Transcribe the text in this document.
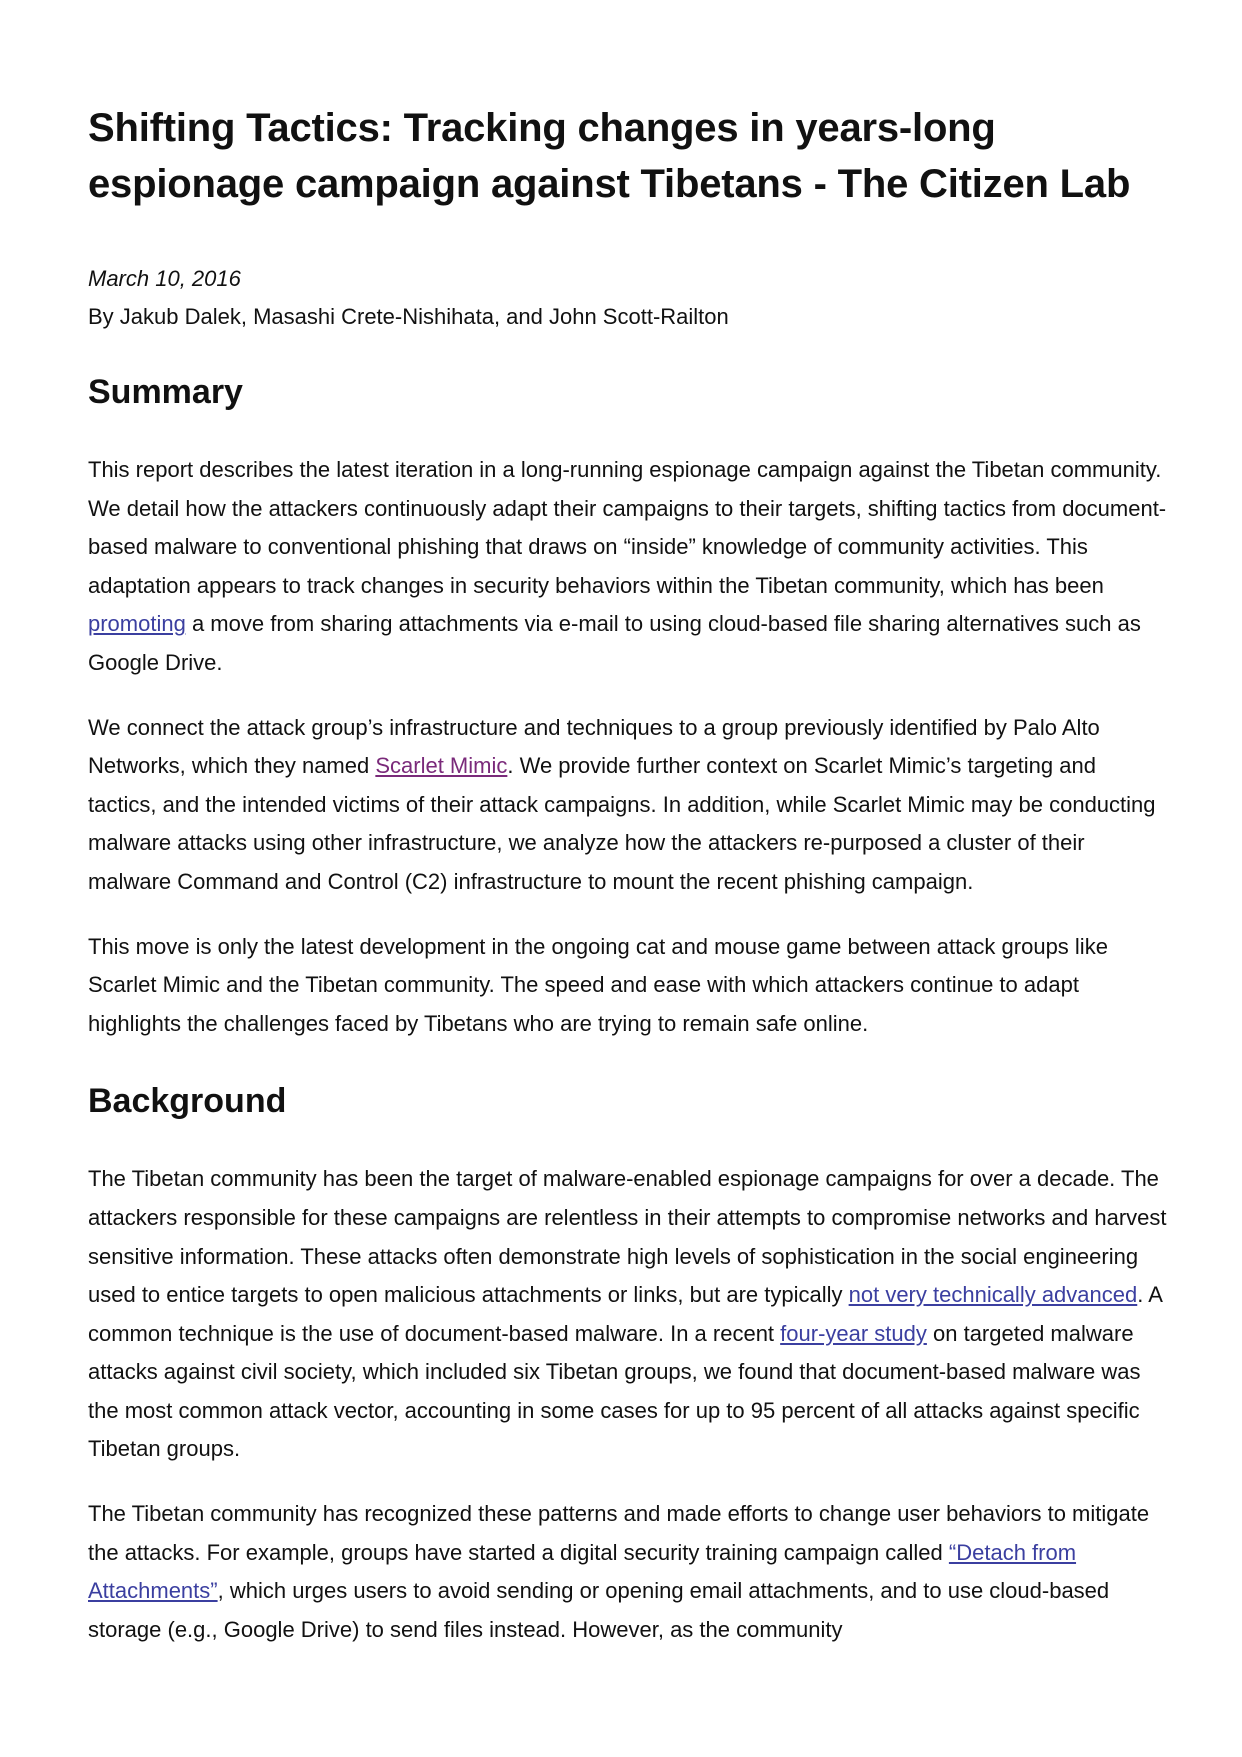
Shifting Tactics: Tracking changes in years-long espionage campaign against Tibetans - The Citizen Lab
March 10, 2016
By Jakub Dalek, Masashi Crete-Nishihata, and John Scott-Railton
Summary

This report describes the latest iteration in a long-running espionage campaign against the Tibetan community. We detail how the attackers continuously adapt their campaigns to their targets, shifting tactics from document-based malware to conventional phishing that draws on “inside” knowledge of community activities. This adaptation appears to track changes in security behaviors within the Tibetan community, which has been promoting a move from sharing attachments via e-mail to using cloud-based file sharing alternatives such as Google Drive.

We connect the attack group’s infrastructure and techniques to a group previously identified by Palo Alto Networks, which they named Scarlet Mimic. We provide further context on Scarlet Mimic’s targeting and tactics, and the intended victims of their attack campaigns. In addition, while Scarlet Mimic may be conducting malware attacks using other infrastructure, we analyze how the attackers re-purposed a cluster of their malware Command and Control (C2) infrastructure to mount the recent phishing campaign.

This move is only the latest development in the ongoing cat and mouse game between attack groups like Scarlet Mimic and the Tibetan community. The speed and ease with which attackers continue to adapt highlights the challenges faced by Tibetans who are trying to remain safe online.

Background

The Tibetan community has been the target of malware-enabled espionage campaigns for over a decade. The attackers responsible for these campaigns are relentless in their attempts to compromise networks and harvest sensitive information. These attacks often demonstrate high levels of sophistication in the social engineering used to entice targets to open malicious attachments or links, but are typically not very technically advanced. A common technique is the use of document-based malware. In a recent four-year study on targeted malware attacks against civil society, which included six Tibetan groups, we found that document-based malware was the most common attack vector, accounting in some cases for up to 95 percent of all attacks against specific Tibetan groups.

The Tibetan community has recognized these patterns and made efforts to change user behaviors to mitigate the attacks. For example, groups have started a digital security training campaign called “Detach from Attachments”, which urges users to avoid sending or opening email attachments, and to use cloud-based storage (e.g., Google Drive) to send files instead. However, as the community
